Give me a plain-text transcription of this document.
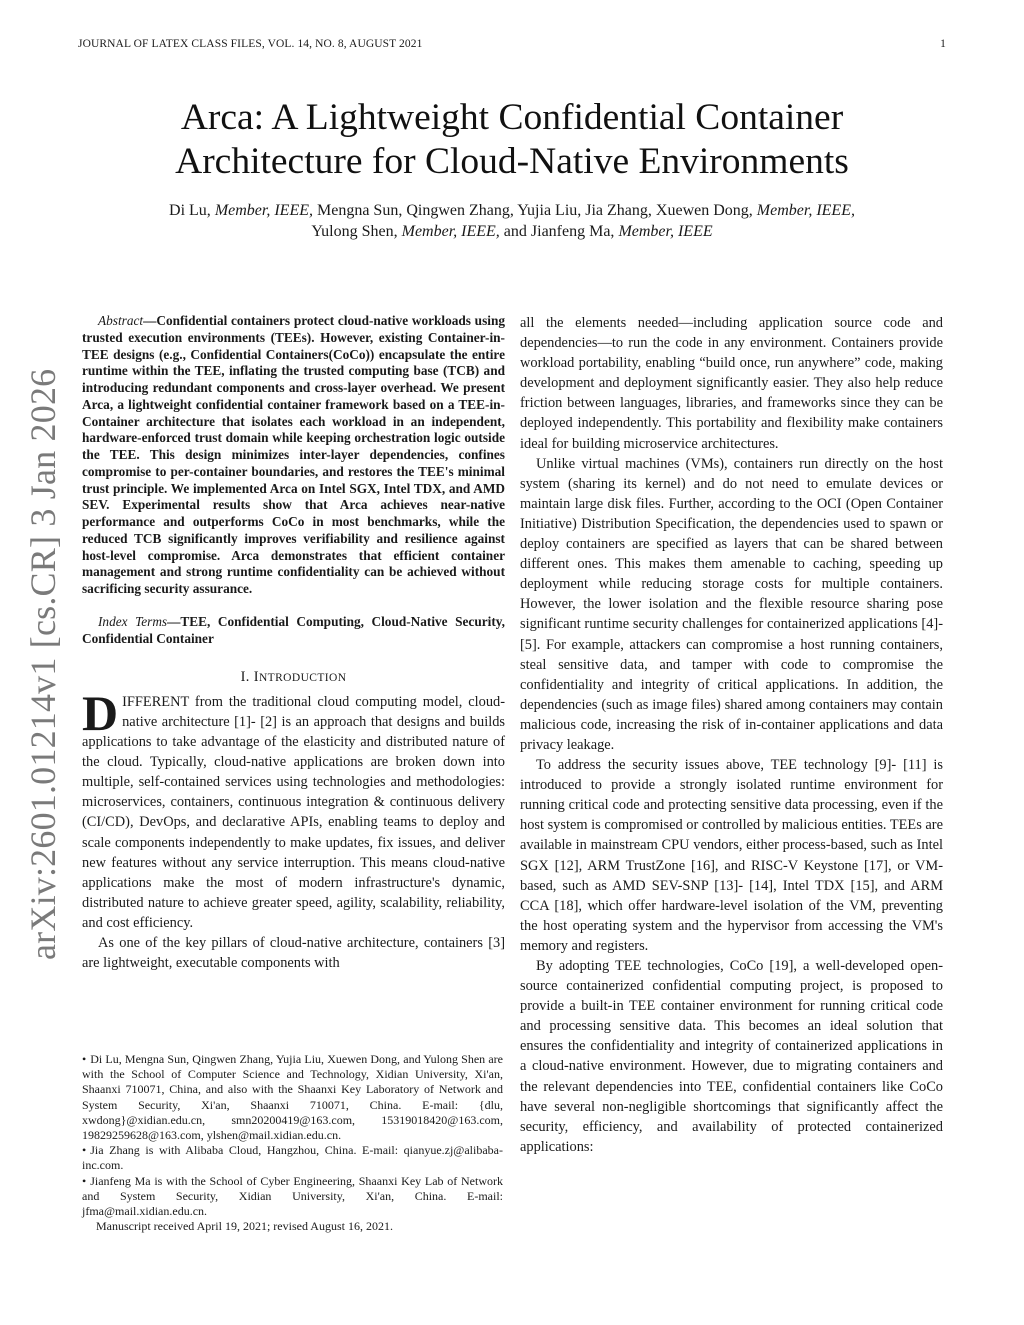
JOURNAL OF LATEX CLASS FILES, VOL. 14, NO. 8, AUGUST 2021	1
arXiv:2601.01214v1 [cs.CR] 3 Jan 2026
Arca: A Lightweight Confidential Container
Architecture for Cloud-Native Environments
Di Lu, Member, IEEE, Mengna Sun, Qingwen Zhang, Yujia Liu, Jia Zhang, Xuewen Dong, Member, IEEE,
Yulong Shen, Member, IEEE, and Jianfeng Ma, Member, IEEE

Abstract—Confidential containers protect cloud-native workloads using trusted execution environments (TEEs). However, existing Container-in-TEE designs (e.g., Confidential Containers(CoCo)) encapsulate the entire runtime within the TEE, inflating the trusted computing base (TCB) and introducing redundant components and cross-layer overhead. We present Arca, a lightweight confidential container framework based on a TEE-in-Container architecture that isolates each workload in an independent, hardware-enforced trust domain while keeping orchestration logic outside the TEE. This design minimizes inter-layer dependencies, confines compromise to per-container boundaries, and restores the TEE's minimal trust principle. We implemented Arca on Intel SGX, Intel TDX, and AMD SEV. Experimental results show that Arca achieves near-native performance and outperforms CoCo in most benchmarks, while the reduced TCB significantly improves verifiability and resilience against host-level compromise. Arca demonstrates that efficient container management and strong runtime confidentiality can be achieved without sacrificing security assurance.

Index Terms—TEE, Confidential Computing, Cloud-Native Security, Confidential Container

I. INTRODUCTION

DIFFERENT from the traditional cloud computing model, cloud-native architecture [1]- [2] is an approach that designs and builds applications to take advantage of the elasticity and distributed nature of the cloud. Typically, cloud-native applications are broken down into multiple, self-contained services using technologies and methodologies: microservices, containers, continuous integration & continuous delivery (CI/CD), DevOps, and declarative APIs, enabling teams to deploy and scale components independently to make updates, fix issues, and deliver new features without any service interruption. This means cloud-native applications make the most of modern infrastructure's dynamic, distributed nature to achieve greater speed, agility, scalability, reliability, and cost efficiency.

As one of the key pillars of cloud-native architecture, containers [3] are lightweight, executable components with

all the elements needed—including application source code and dependencies—to run the code in any environment. Containers provide workload portability, enabling “build once, run anywhere” code, making development and deployment significantly easier. They also help reduce friction between languages, libraries, and frameworks since they can be deployed independently. This portability and flexibility make containers ideal for building microservice architectures.

Unlike virtual machines (VMs), containers run directly on the host system (sharing its kernel) and do not need to emulate devices or maintain large disk files. Further, according to the OCI (Open Container Initiative) Distribution Specification, the dependencies used to spawn or deploy containers are specified as layers that can be shared between different ones. This makes them amenable to caching, speeding up deployment while reducing storage costs for multiple containers. However, the lower isolation and the flexible resource sharing pose significant runtime security challenges for containerized applications [4]- [5]. For example, attackers can compromise a host running containers, steal sensitive data, and tamper with code to compromise the confidentiality and integrity of critical applications. In addition, the dependencies (such as image files) shared among containers may contain malicious code, increasing the risk of in-container applications and data privacy leakage.

To address the security issues above, TEE technology [9]- [11] is introduced to provide a strongly isolated runtime environment for running critical code and protecting sensitive data processing, even if the host system is compromised or controlled by malicious entities. TEEs are available in mainstream CPU vendors, either process-based, such as Intel SGX [12], ARM TrustZone [16], and RISC-V Keystone [17], or VM-based, such as AMD SEV-SNP [13]- [14], Intel TDX [15], and ARM CCA [18], which offer hardware-level isolation of the VM, preventing the host operating system and the hypervisor from accessing the VM's memory and registers.

By adopting TEE technologies, CoCo [19], a well-developed open-source containerized confidential computing project, is proposed to provide a built-in TEE container environment for running critical code and processing sensitive data. This becomes an ideal solution that ensures the confidentiality and integrity of containerized applications in a cloud-native environment. However, due to migrating containers and the relevant dependencies into TEE, confidential containers like CoCo have several non-negligible shortcomings that significantly affect the security, efficiency, and availability of protected containerized applications:

• Di Lu, Mengna Sun, Qingwen Zhang, Yujia Liu, Xuewen Dong, and Yulong Shen are with the School of Computer Science and Technology, Xidian University, Xi'an, Shaanxi 710071, China, and also with the Shaanxi Key Laboratory of Network and System Security, Xi'an, Shaanxi 710071, China. E-mail: {dlu, xwdong}@xidian.edu.cn, smn20200419@163.com, 15319018420@163.com, 19829259628@163.com, ylshen@mail.xidian.edu.cn.

• Jia Zhang is with Alibaba Cloud, Hangzhou, China. E-mail: qianyue.zj@alibaba-inc.com.

• Jianfeng Ma is with the School of Cyber Engineering, Shaanxi Key Lab of Network and System Security, Xidian University, Xi'an, China. E-mail: jfma@mail.xidian.edu.cn.

Manuscript received April 19, 2021; revised August 16, 2021.
